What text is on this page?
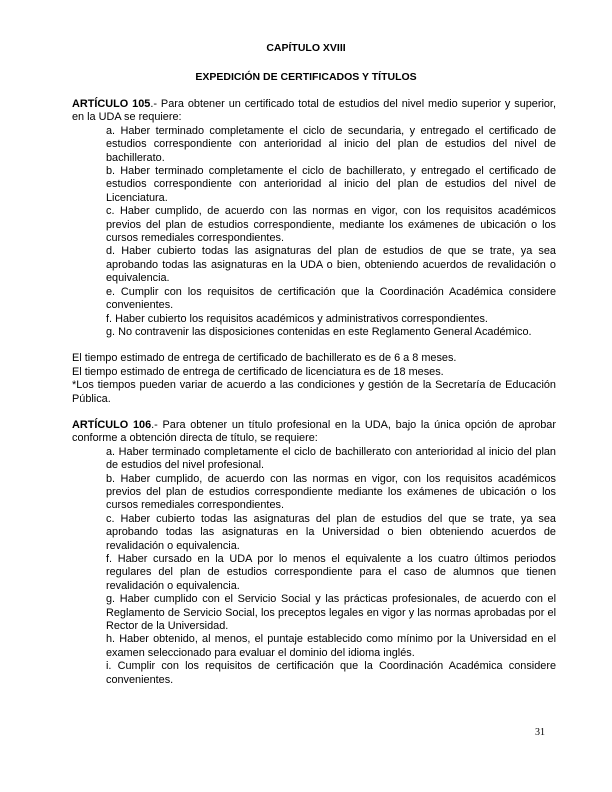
CAPÍTULO XVIII
EXPEDICIÓN DE CERTIFICADOS Y TÍTULOS

ARTÍCULO 105.- Para obtener un certificado total de estudios del nivel medio superior y superior, en la UDA se requiere:

a. Haber terminado completamente el ciclo de secundaria, y entregado el certificado de estudios correspondiente con anterioridad al inicio del plan de estudios del nivel de bachillerato.

b. Haber terminado completamente el ciclo de bachillerato, y entregado el certificado de estudios correspondiente con anterioridad al inicio del plan de estudios del nivel de Licenciatura.

c. Haber cumplido, de acuerdo con las normas en vigor, con los requisitos académicos previos del plan de estudios correspondiente, mediante los exámenes de ubicación o los cursos remediales correspondientes.

d. Haber cubierto todas las asignaturas del plan de estudios de que se trate, ya sea aprobando todas las asignaturas en la UDA o bien, obteniendo acuerdos de revalidación o equivalencia.

e. Cumplir con los requisitos de certificación que la Coordinación Académica considere convenientes.

f. Haber cubierto los requisitos académicos y administrativos correspondientes.

g. No contravenir las disposiciones contenidas en este Reglamento General Académico.

El tiempo estimado de entrega de certificado de bachillerato es de 6 a 8 meses.

El tiempo estimado de entrega de certificado de licenciatura es de 18 meses.

*Los tiempos pueden variar de acuerdo a las condiciones y gestión de la Secretaría de Educación Pública.

ARTÍCULO 106.- Para obtener un título profesional en la UDA, bajo la única opción de aprobar conforme a obtención directa de título, se requiere:

a. Haber terminado completamente el ciclo de bachillerato con anterioridad al inicio del plan de estudios del nivel profesional.

b. Haber cumplido, de acuerdo con las normas en vigor, con los requisitos académicos previos del plan de estudios correspondiente mediante los exámenes de ubicación o los cursos remediales correspondientes.

c. Haber cubierto todas las asignaturas del plan de estudios del que se trate, ya sea aprobando todas las asignaturas en la Universidad o bien obteniendo acuerdos de revalidación o equivalencia.

f. Haber cursado en la UDA por lo menos el equivalente a los cuatro últimos periodos regulares del plan de estudios correspondiente para el caso de alumnos que tienen revalidación o equivalencia.

g. Haber cumplido con el Servicio Social y las prácticas profesionales, de acuerdo con el Reglamento de Servicio Social, los preceptos legales en vigor y las normas aprobadas por el Rector de la Universidad.

h. Haber obtenido, al menos, el puntaje establecido como mínimo por la Universidad en el examen seleccionado para evaluar el dominio del idioma inglés.

i. Cumplir con los requisitos de certificación que la Coordinación Académica considere convenientes.

31
